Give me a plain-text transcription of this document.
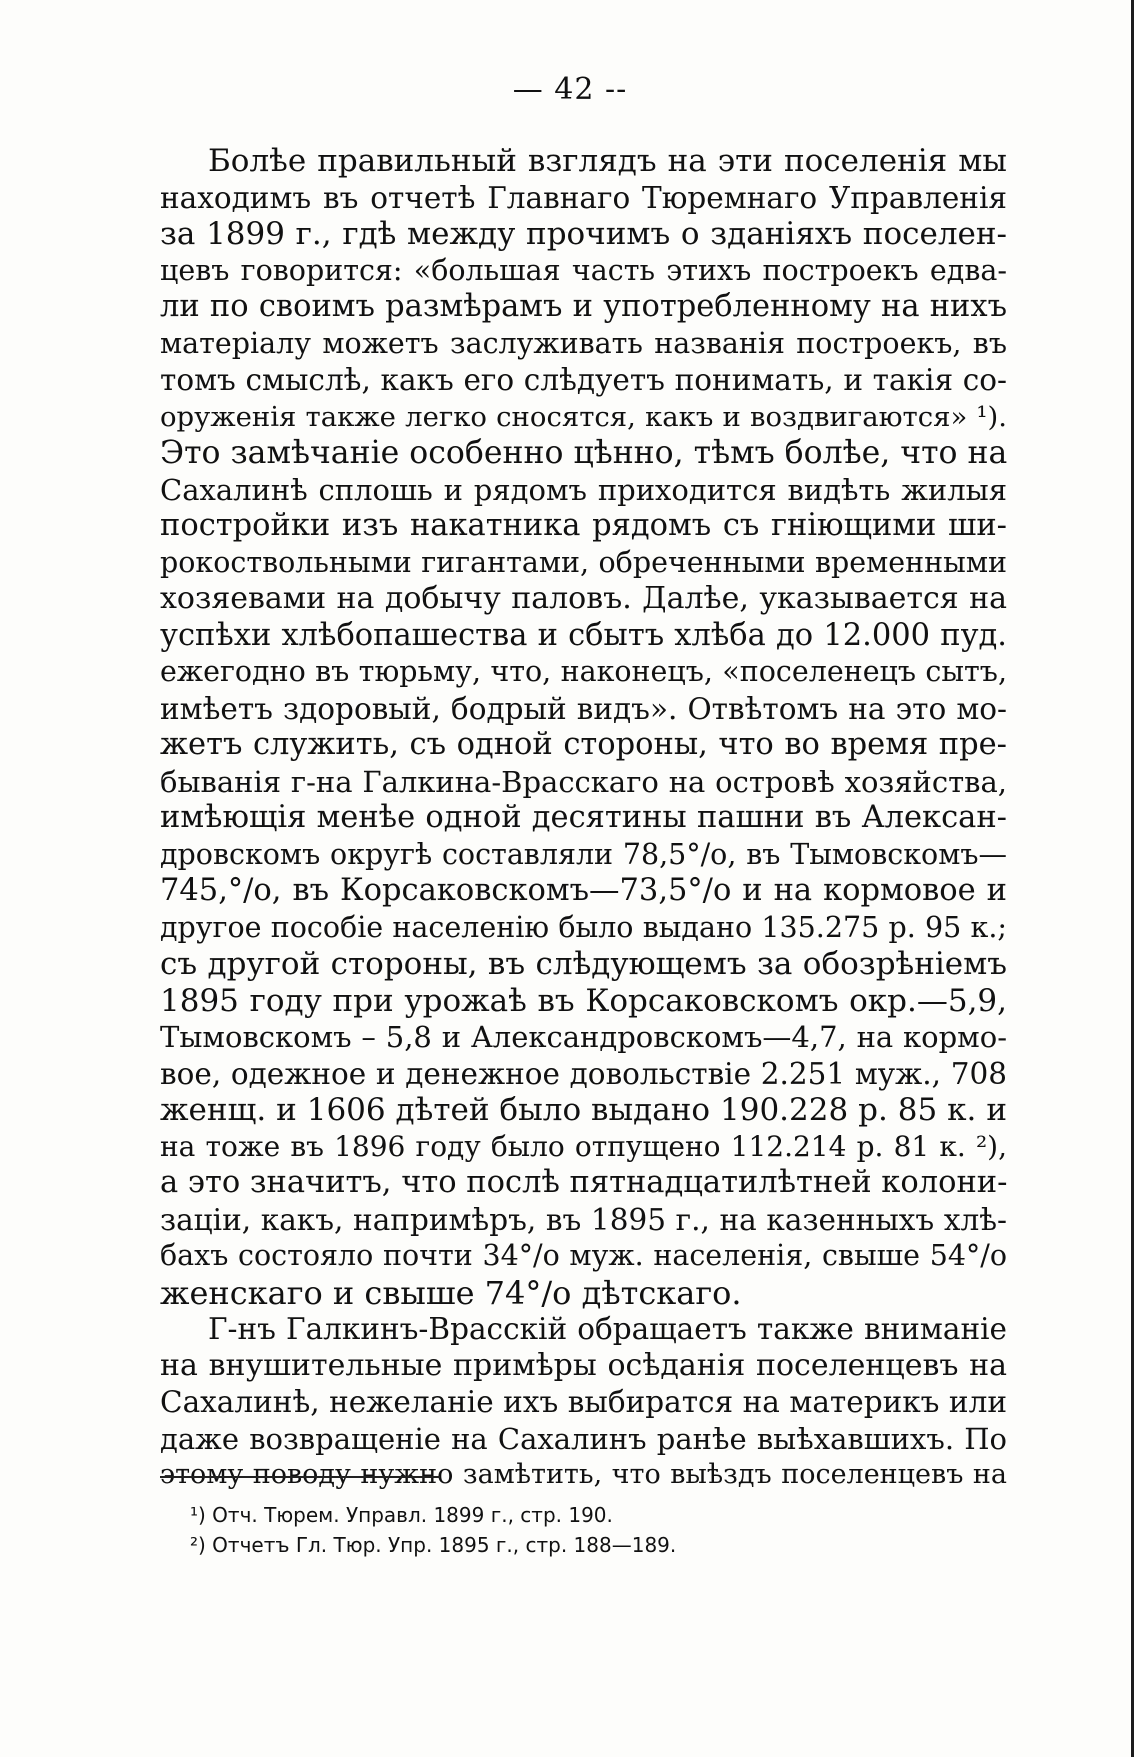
— 42 --
Болѣе правильный взглядъ на эти поселенія мы
находимъ въ отчетѣ Главнаго Тюремнаго Управленія
за 1899 г., гдѣ между прочимъ о зданіяхъ поселен-
цевъ говорится: «большая часть этихъ построекъ едва-
ли по своимъ размѣрамъ и употребленному на нихъ
матеріалу можетъ заслуживать названія построекъ, въ
томъ смыслѣ, какъ его слѣдуетъ понимать, и такія со-
оруженія также легко сносятся, какъ и воздвигаются» ¹).
Это замѣчаніе особенно цѣнно, тѣмъ болѣе, что на
Сахалинѣ сплошь и рядомъ приходится видѣть жилыя
постройки изъ накатника рядомъ съ гніющими ши-
рокоствольными гигантами, обреченными временными
хозяевами на добычу паловъ. Далѣе, указывается на
успѣхи хлѣбопашества и сбытъ хлѣба до 12.000 пуд.
ежегодно въ тюрьму, что, наконецъ, «поселенецъ сытъ,
имѣетъ здоровый, бодрый видъ». Отвѣтомъ на это мо-
жетъ служить, съ одной стороны, что во время пре-
быванія г-на Галкина-Врасскаго на островѣ хозяйства,
имѣющія менѣе одной десятины пашни въ Алексан-
дровскомъ округѣ составляли 78,5°/о, въ Тымовскомъ—
745,°/о, въ Корсаковскомъ—73,5°/о и на кормовое и
другое пособіе населенію было выдано 135.275 р. 95 к.;
съ другой стороны, въ слѣдующемъ за обозрѣніемъ
1895 году при урожаѣ въ Корсаковскомъ окр.—5,9,
Тымовскомъ – 5,8 и Александровскомъ—4,7, на кормо-
вое, одежное и денежное довольствіе 2.251 муж., 708
женщ. и 1606 дѣтей было выдано 190.228 р. 85 к. и
на тоже въ 1896 году было отпущено 112.214 р. 81 к. ²),
а это значитъ, что послѣ пятнадцатилѣтней колони-
заціи, какъ, напримѣръ, въ 1895 г., на казенныхъ хлѣ-
бахъ состояло почти 34°/о муж. населенія, свыше 54°/о
женскаго и свыше 74°/о дѣтскаго.
Г-нъ Галкинъ-Врасскій обращаетъ также вниманіе
на внушительные примѣры осѣданія поселенцевъ на
Сахалинѣ, нежеланіе ихъ выбиратся на материкъ или
даже возвращеніе на Сахалинъ ранѣе выѣхавшихъ. По
этому поводу нужно замѣтить, что выѣздъ поселенцевъ на
¹) Отч. Тюрем. Управл. 1899 г., стр. 190.
²) Отчетъ Гл. Тюр. Упр. 1895 г., стр. 188—189.
